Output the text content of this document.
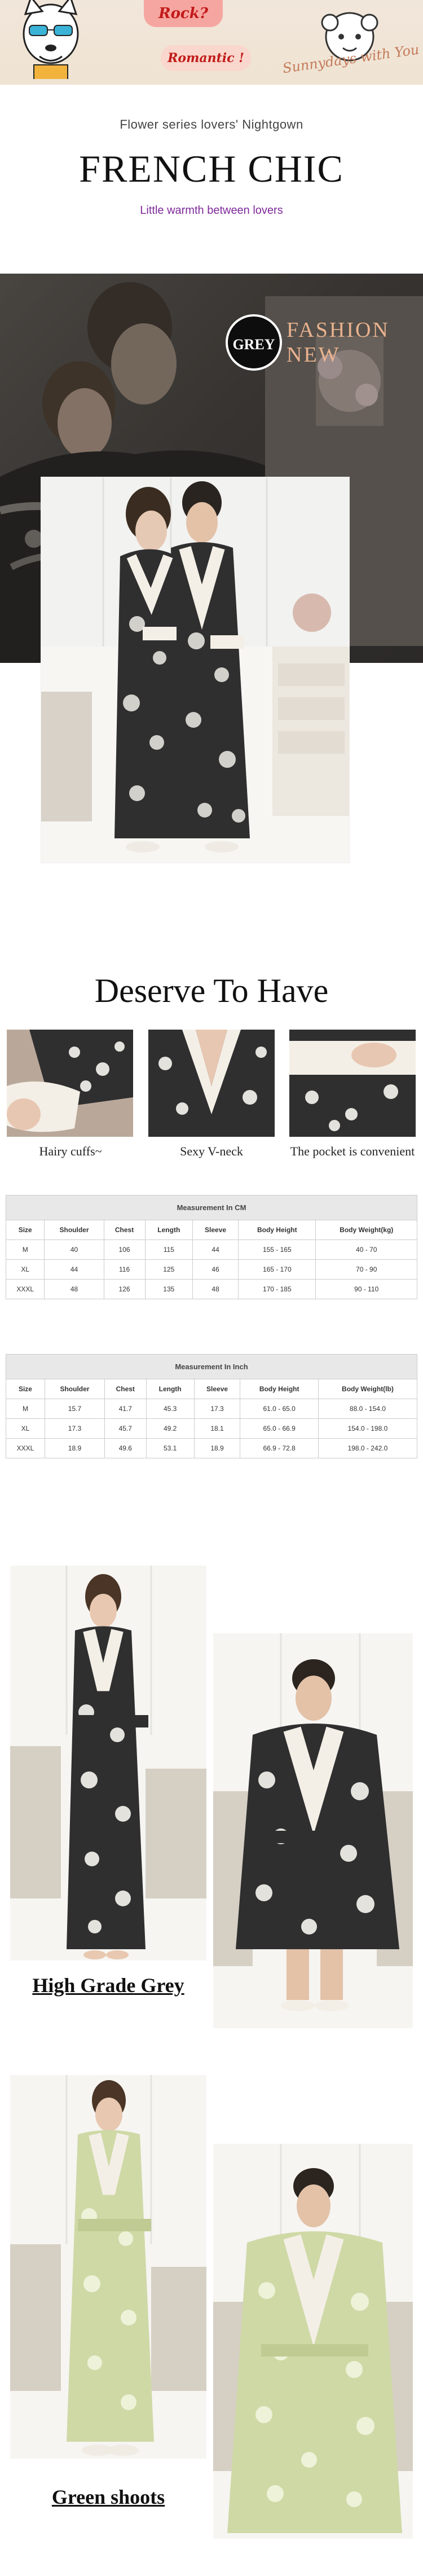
Rock?
Romantic !	Sunnydays with You
Flower series lovers' Nightgown
FRENCH CHIC
Little warmth between lovers
GREY
FASHION
NEW
Deserve To Have
Hairy cuffs~	Sexy V-neck	The pocket is convenient
Measurement In CM
Size	Shoulder	Chest	Length	Sleeve	Body Height	Body Weight(kg)
M	40	106	115	44	155 - 165	40 - 70
XL	44	116	125	46	165 - 170	70 - 90
XXXL	48	126	135	48	170 - 185	90 - 110
Measurement In Inch
Size	Shoulder	Chest	Length	Sleeve	Body Height	Body Weight(lb)
M	15.7	41.7	45.3	17.3	61.0 - 65.0	88.0 - 154.0
XL	17.3	45.7	49.2	18.1	65.0 - 66.9	154.0 - 198.0
XXXL	18.9	49.6	53.1	18.9	66.9 - 72.8	198.0 - 242.0
High Grade Grey
Green shoots
